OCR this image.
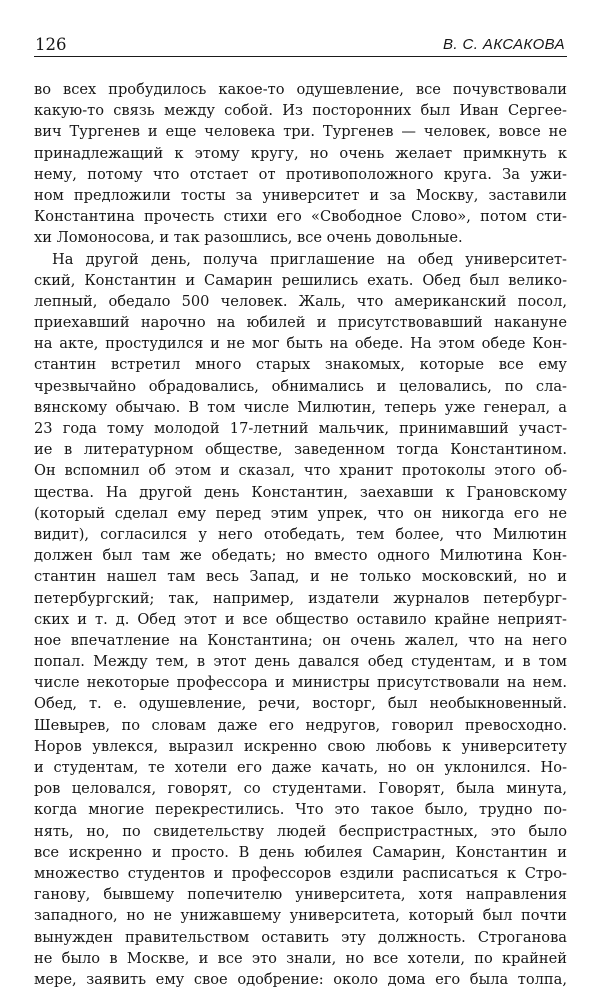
126	В. С. АКСАКОВА
во всех пробудилось какое-то одушевление, все почувствовали
какую-то связь между собой. Из посторонних был Иван Сергее-
вич Тургенев и еще человека три. Тургенев — человек, вовсе не
принадлежащий к этому кругу, но очень желает примкнуть к
нему, потому что отстает от противоположного круга. За ужи-
ном предложили тосты за университет и за Москву, заставили
Константина прочесть стихи его «Свободное Слово», потом сти-
хи Ломоносова, и так разошлись, все очень довольные.
На другой день, получа приглашение на обед университет-
ский, Константин и Самарин решились ехать. Обед был велико-
лепный, обедало 500 человек. Жаль, что американский посол,
приехавший нарочно на юбилей и присутствовавший накануне
на акте, простудился и не мог быть на обеде. На этом обеде Кон-
стантин встретил много старых знакомых, которые все ему
чрезвычайно обрадовались, обнимались и целовались, по сла-
вянскому обычаю. В том числе Милютин, теперь уже генерал, а
23 года тому молодой 17-летний мальчик, принимавший участ-
ие в литературном обществе, заведенном тогда Константином.
Он вспомнил об этом и сказал, что хранит протоколы этого об-
щества. На другой день Константин, заехавши к Грановскому
(который сделал ему перед этим упрек, что он никогда его не
видит), согласился у него отобедать, тем более, что Милютин
должен был там же обедать; но вместо одного Милютина Кон-
стантин нашел там весь Запад, и не только московский, но и
петербургский; так, например, издатели журналов петербург-
ских и т. д. Обед этот и все общество оставило крайне неприят-
ное впечатление на Константина; он очень жалел, что на него
попал. Между тем, в этот день давался обед студентам, и в том
числе некоторые профессора и министры присутствовали на нем.
Обед, т. е. одушевление, речи, восторг, был необыкновенный.
Шевырев, по словам даже его недругов, говорил превосходно.
Норов увлекся, выразил искренно свою любовь к университету
и студентам, те хотели его даже качать, но он уклонился. Но-
ров целовался, говорят, со студентами. Говорят, была минута,
когда многие перекрестились. Что это такое было, трудно по-
нять, но, по свидетельству людей беспристрастных, это было
все искренно и просто. В день юбилея Самарин, Константин и
множество студентов и профессоров ездили расписаться к Стро-
ганову, бывшему попечителю университета, хотя направления
западного, но не унижавшему университета, который был почти
вынужден правительством оставить эту должность. Строганова
не было в Москве, и все это знали, но все хотели, по крайней
мере, заявить ему свое одобрение: около дома его была толпа,
